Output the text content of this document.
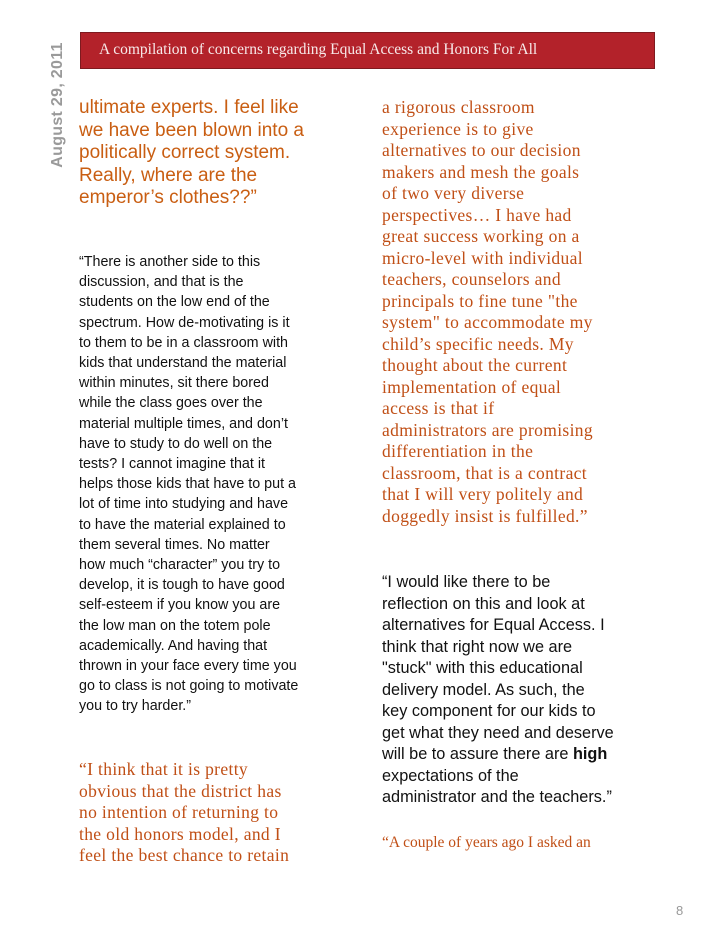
August 29, 2011 A compilation of concerns regarding Equal Access and Honors For All

ultimate experts. I feel like
we have been blown into a
politically correct system.
Really, where are the
emperor’s clothes??”

“There is another side to this
discussion, and that is the
students on the low end of the
spectrum. How de-motivating is it
to them to be in a classroom with
kids that understand the material
within minutes, sit there bored
while the class goes over the
material multiple times, and don’t
have to study to do well on the
tests? I cannot imagine that it
helps those kids that have to put a
lot of time into studying and have
to have the material explained to
them several times. No matter
how much “character” you try to
develop, it is tough to have good
self-esteem if you know you are
the low man on the totem pole
academically. And having that
thrown in your face every time you
go to class is not going to motivate
you to try harder.”

“I think that it is pretty
obvious that the district has
no intention of returning to
the old honors model, and I
feel the best chance to retain

a rigorous classroom
experience is to give
alternatives to our decision
makers and mesh the goals
of two very diverse
perspectives… I have had
great success working on a
micro-level with individual
teachers, counselors and
principals to fine tune "the
system" to accommodate my
child’s specific needs. My
thought about the current
implementation of equal
access is that if
administrators are promising
differentiation in the
classroom, that is a contract
that I will very politely and
doggedly insist is fulfilled.”

“I would like there to be
reflection on this and look at
alternatives for Equal Access. I
think that right now we are
"stuck" with this educational
delivery model. As such, the
key component for our kids to
get what they need and deserve
will be to assure there are high
expectations of the
administrator and the teachers.”

“A couple of years ago I asked an

8
